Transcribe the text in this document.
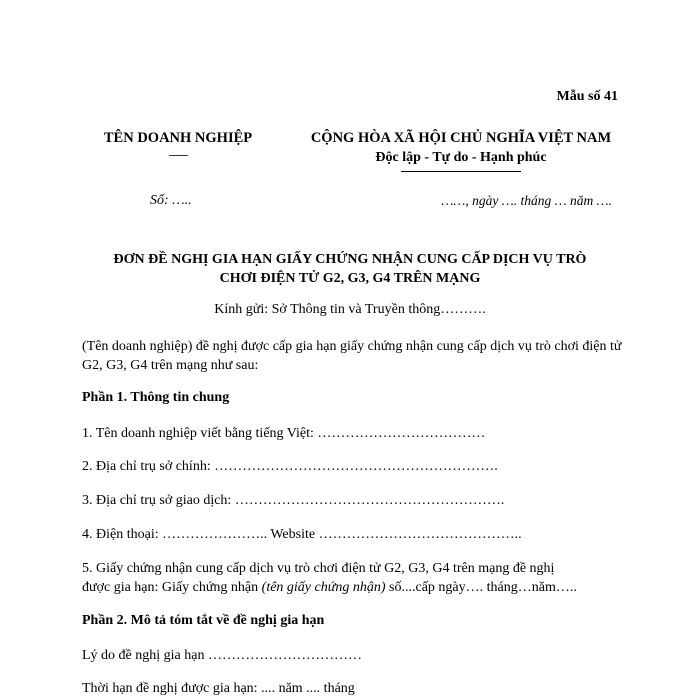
Mẫu số 41
TÊN DOANH NGHIỆP
-------
CỘNG HÒA XÃ HỘI CHỦ NGHĨA VIỆT NAM
Độc lập - Tự do - Hạnh phúc
Số: …..	……, ngày …. tháng … năm ….
ĐƠN ĐỀ NGHỊ GIA HẠN GIẤY CHỨNG NHẬN CUNG CẤP DỊCH VỤ TRÒ
CHƠI ĐIỆN TỬ G2, G3, G4 TRÊN MẠNG
Kính gửi: Sở Thông tin và Truyền thông……….
(Tên doanh nghiệp) đề nghị được cấp gia hạn giấy chứng nhận cung cấp dịch vụ trò chơi điện tử G2, G3, G4 trên mạng như sau:
Phần 1. Thông tin chung
1. Tên doanh nghiệp viết bằng tiếng Việt: ………………………………
2. Địa chỉ trụ sở chính: …………………………………………………….
3. Địa chỉ trụ sở giao dịch: ………………………………………………….
4. Điện thoại: ………………….. Website ……………………………………..
5. Giấy chứng nhận cung cấp dịch vụ trò chơi điện tử G2, G3, G4 trên mạng đề nghị
được gia hạn: Giấy chứng nhận (tên giấy chứng nhận) số....cấp ngày…. tháng…năm…..
Phần 2. Mô tả tóm tắt về đề nghị gia hạn
Lý do đề nghị gia hạn ……………………………
Thời hạn đề nghị được gia hạn: .... năm .... tháng
